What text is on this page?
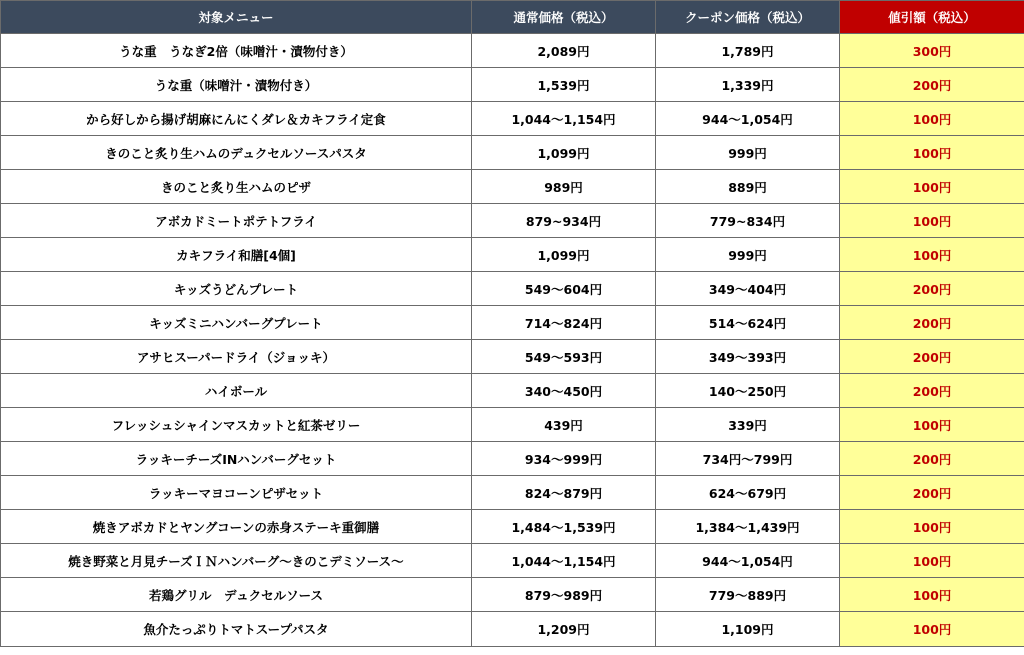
対象メニュー	通常価格（税込）	クーポン価格（税込）	値引額（税込）
うな重　うなぎ2倍（味噌汁・漬物付き）	2,089円	1,789円	300円
うな重（味噌汁・漬物付き）	1,539円	1,339円	200円
から好しから揚げ胡麻にんにくダレ＆カキフライ定食	1,044～1,154円	944～1,054円	100円
きのこと炙り生ハムのデュクセルソースパスタ	1,099円	999円	100円
きのこと炙り生ハムのピザ	989円	889円	100円
アボカドミートポテトフライ	879~934円	779~834円	100円
カキフライ和膳[4個]	1,099円	999円	100円
キッズうどんプレート	549～604円	349～404円	200円
キッズミニハンバーグプレート	714～824円	514～624円	200円
アサヒスーパードライ（ジョッキ）	549～593円	349～393円	200円
ハイボール	340～450円	140～250円	200円
フレッシュシャインマスカットと紅茶ゼリー	439円	339円	100円
ラッキーチーズINハンバーグセット	934～999円	734円～799円	200円
ラッキーマヨコーンピザセット	824～879円	624～679円	200円
焼きアボカドとヤングコーンの赤身ステーキ重御膳	1,484～1,539円	1,384～1,439円	100円
焼き野菜と月見チーズＩＮハンバーグ～きのこデミソース～	1,044～1,154円	944～1,054円	100円
若鶏グリル　デュクセルソース	879～989円	779～889円	100円
魚介たっぷりトマトスープパスタ	1,209円	1,109円	100円
